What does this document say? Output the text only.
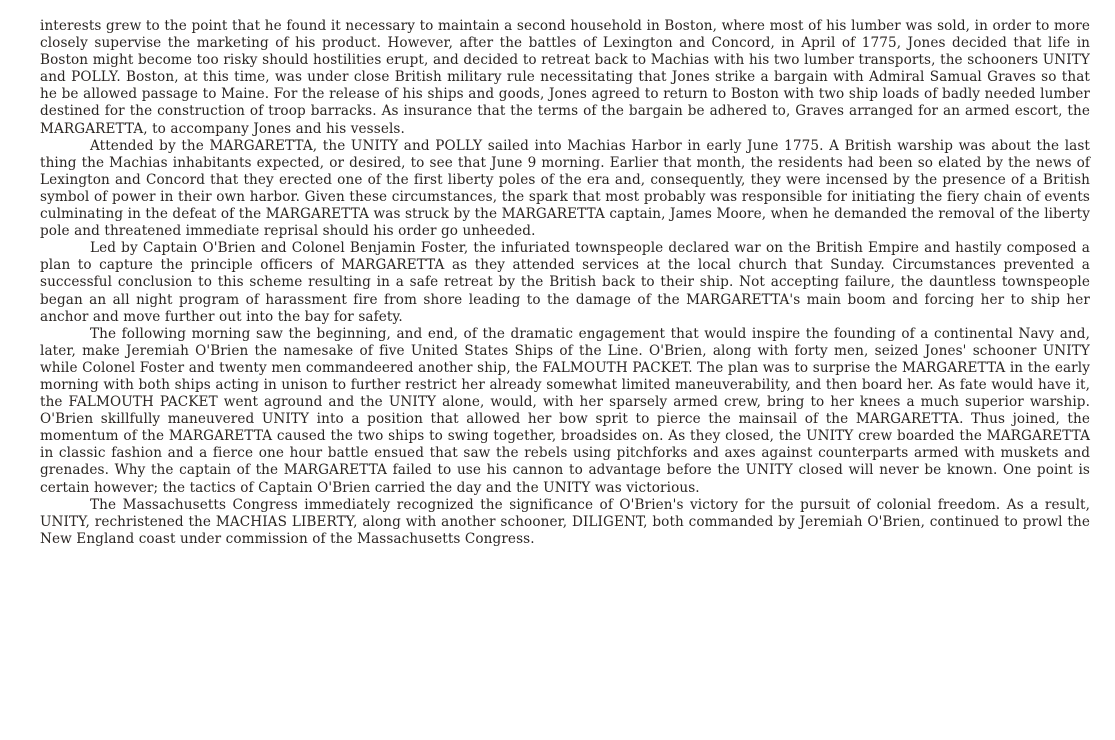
interests grew to the point that he found it necessary to maintain a second household in Boston, where most of his lumber was sold, in order to more closely supervise the marketing of his product. However, after the battles of Lexington and Concord, in April of 1775, Jones decided that life in Boston might become too risky should hostilities erupt, and decided to retreat back to Machias with his two lumber transports, the schooners UNITY and POLLY. Boston, at this time, was under close British military rule necessitating that Jones strike a bargain with Admiral Samual Graves so that he be allowed passage to Maine. For the release of his ships and goods, Jones agreed to return to Boston with two ship loads of badly needed lumber destined for the construction of troop barracks. As insurance that the terms of the bargain be adhered to, Graves arranged for an armed escort, the MARGARETTA, to accompany Jones and his vessels.

Attended by the MARGARETTA, the UNITY and POLLY sailed into Machias Harbor in early June 1775. A British warship was about the last thing the Machias inhabitants expected, or desired, to see that June 9 morning. Earlier that month, the residents had been so elated by the news of Lexington and Concord that they erected one of the first liberty poles of the era and, consequently, they were incensed by the presence of a British symbol of power in their own harbor. Given these circumstances, the spark that most probably was responsible for initiating the fiery chain of events culminating in the defeat of the MARGARETTA was struck by the MARGARETTA captain, James Moore, when he demanded the removal of the liberty pole and threatened immediate reprisal should his order go unheeded.

Led by Captain O'Brien and Colonel Benjamin Foster, the infuriated townspeople declared war on the British Empire and hastily composed a plan to capture the principle officers of MARGARETTA as they attended services at the local church that Sunday. Circumstances prevented a successful conclusion to this scheme resulting in a safe retreat by the British back to their ship. Not accepting failure, the dauntless townspeople began an all night program of harassment fire from shore leading to the damage of the MARGARETTA's main boom and forcing her to ship her anchor and move further out into the bay for safety.

The following morning saw the beginning, and end, of the dramatic engagement that would inspire the founding of a continental Navy and, later, make Jeremiah O'Brien the namesake of five United States Ships of the Line. O'Brien, along with forty men, seized Jones' schooner UNITY while Colonel Foster and twenty men commandeered another ship, the FALMOUTH PACKET. The plan was to surprise the MARGARETTA in the early morning with both ships acting in unison to further restrict her already somewhat limited maneuverability, and then board her. As fate would have it, the FALMOUTH PACKET went aground and the UNITY alone, would, with her sparsely armed crew, bring to her knees a much superior warship. O'Brien skillfully maneuvered UNITY into a position that allowed her bow sprit to pierce the mainsail of the MARGARETTA. Thus joined, the momentum of the MARGARETTA caused the two ships to swing together, broadsides on. As they closed, the UNITY crew boarded the MARGARETTA in classic fashion and a fierce one hour battle ensued that saw the rebels using pitchforks and axes against counterparts armed with muskets and grenades. Why the captain of the MARGARETTA failed to use his cannon to advantage before the UNITY closed will never be known. One point is certain however; the tactics of Captain O'Brien carried the day and the UNITY was victorious.

The Massachusetts Congress immediately recognized the significance of O'Brien's victory for the pursuit of colonial freedom. As a result, UNITY, rechristened the MACHIAS LIBERTY, along with another schooner, DILIGENT, both commanded by Jeremiah O'Brien, continued to prowl the New England coast under commission of the Massachusetts Congress.
